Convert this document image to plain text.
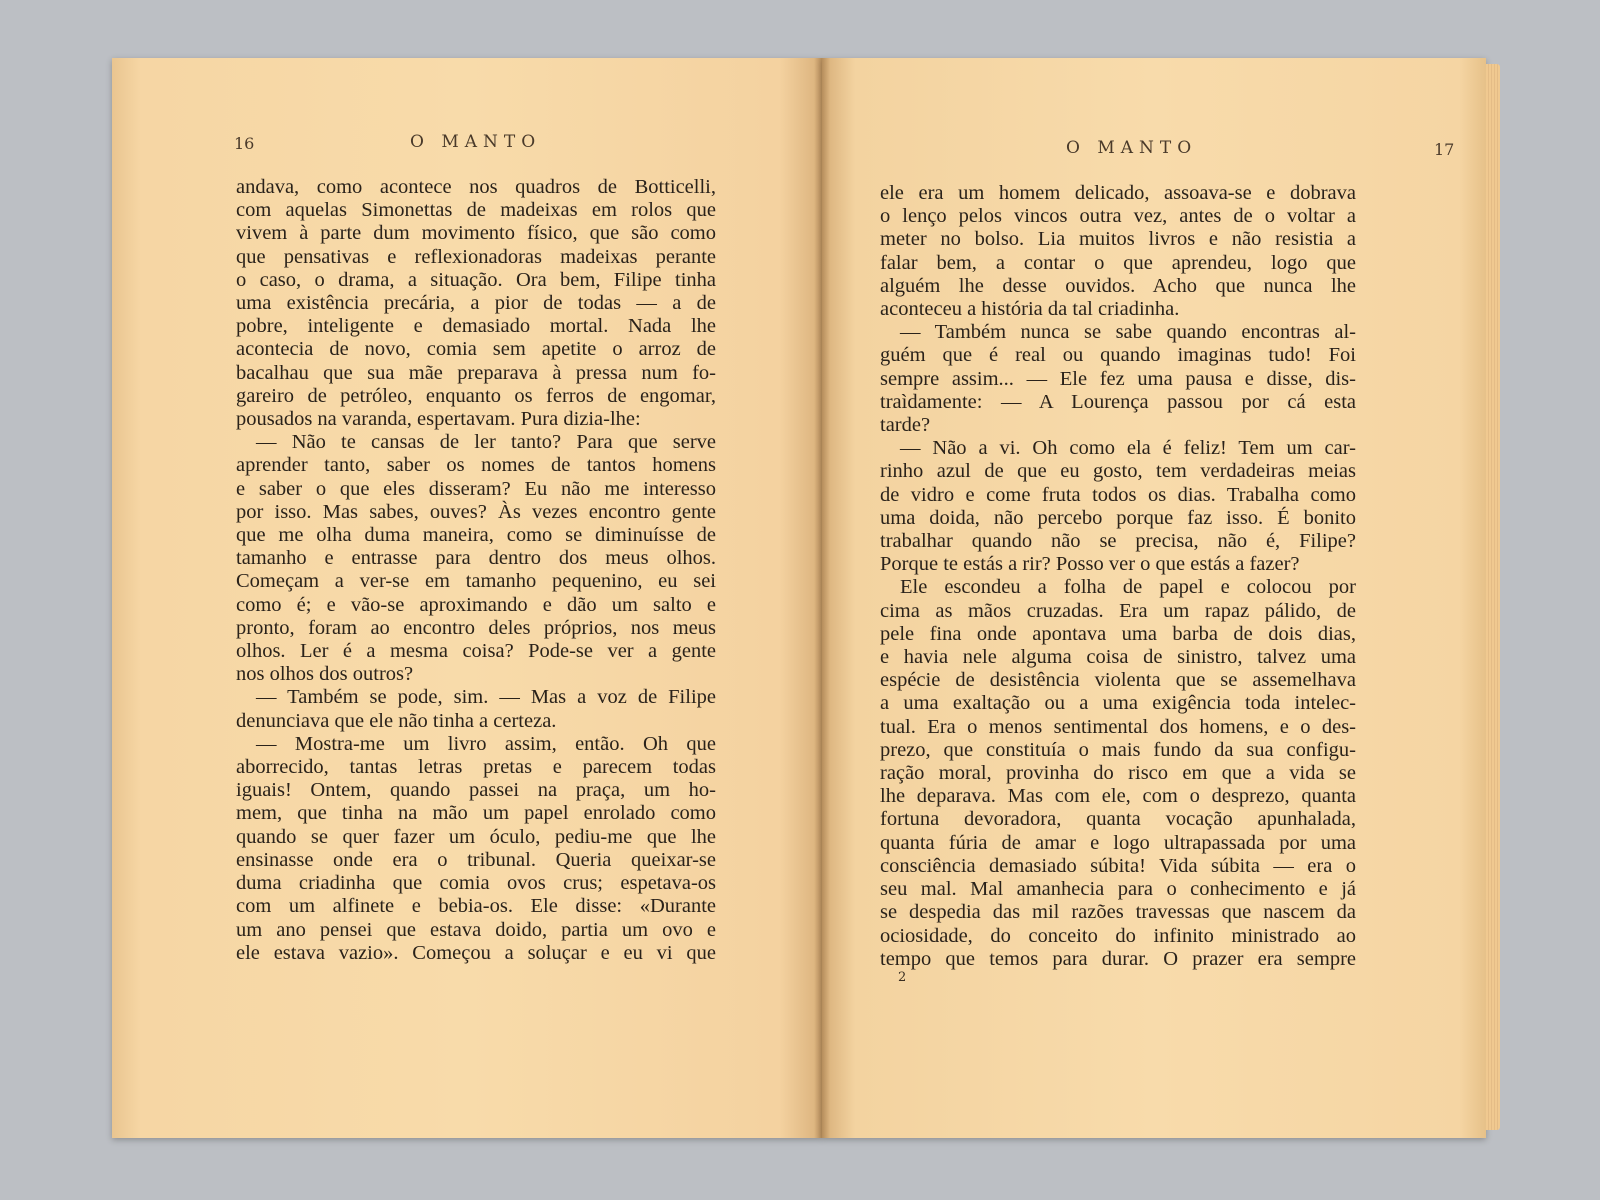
16	O MANTO
andava, como acontece nos quadros de Botticelli,
com aquelas Simonettas de madeixas em rolos que
vivem à parte dum movimento físico, que são como
que pensativas e reflexionadoras madeixas perante
o caso, o drama, a situação. Ora bem, Filipe tinha
uma existência precária, a pior de todas — a de
pobre, inteligente e demasiado mortal. Nada lhe
acontecia de novo, comia sem apetite o arroz de
bacalhau que sua mãe preparava à pressa num fo-
gareiro de petróleo, enquanto os ferros de engomar,
pousados na varanda, espertavam. Pura dizia-lhe:
— Não te cansas de ler tanto? Para que serve
aprender tanto, saber os nomes de tantos homens
e saber o que eles disseram? Eu não me interesso
por isso. Mas sabes, ouves? Às vezes encontro gente
que me olha duma maneira, como se diminuísse de
tamanho e entrasse para dentro dos meus olhos.
Começam a ver-se em tamanho pequenino, eu sei
como é; e vão-se aproximando e dão um salto e
pronto, foram ao encontro deles próprios, nos meus
olhos. Ler é a mesma coisa? Pode-se ver a gente
nos olhos dos outros?
— Também se pode, sim. — Mas a voz de Filipe
denunciava que ele não tinha a certeza.
— Mostra-me um livro assim, então. Oh que
aborrecido, tantas letras pretas e parecem todas
iguais! Ontem, quando passei na praça, um ho-
mem, que tinha na mão um papel enrolado como
quando se quer fazer um óculo, pediu-me que lhe
ensinasse onde era o tribunal. Queria queixar-se
duma criadinha que comia ovos crus; espetava-os
com um alfinete e bebia-os. Ele disse: «Durante
um ano pensei que estava doido, partia um ovo e
ele estava vazio». Começou a soluçar e eu vi que
O MANTO	17
ele era um homem delicado, assoava-se e dobrava
o lenço pelos vincos outra vez, antes de o voltar a
meter no bolso. Lia muitos livros e não resistia a
falar bem, a contar o que aprendeu, logo que
alguém lhe desse ouvidos. Acho que nunca lhe
aconteceu a história da tal criadinha.
— Também nunca se sabe quando encontras al-
guém que é real ou quando imaginas tudo! Foi
sempre assim... — Ele fez uma pausa e disse, dis-
traìdamente: — A Lourença passou por cá esta
tarde?
— Não a vi. Oh como ela é feliz! Tem um car-
rinho azul de que eu gosto, tem verdadeiras meias
de vidro e come fruta todos os dias. Trabalha como
uma doida, não percebo porque faz isso. É bonito
trabalhar quando não se precisa, não é, Filipe?
Porque te estás a rir? Posso ver o que estás a fazer?
Ele escondeu a folha de papel e colocou por
cima as mãos cruzadas. Era um rapaz pálido, de
pele fina onde apontava uma barba de dois dias,
e havia nele alguma coisa de sinistro, talvez uma
espécie de desistência violenta que se assemelhava
a uma exaltação ou a uma exigência toda intelec-
tual. Era o menos sentimental dos homens, e o des-
prezo, que constituía o mais fundo da sua configu-
ração moral, provinha do risco em que a vida se
lhe deparava. Mas com ele, com o desprezo, quanta
fortuna devoradora, quanta vocação apunhalada,
quanta fúria de amar e logo ultrapassada por uma
consciência demasiado súbita! Vida súbita — era o
seu mal. Mal amanhecia para o conhecimento e já
se despedia das mil razões travessas que nascem da
ociosidade, do conceito do infinito ministrado ao
tempo que temos para durar. O prazer era sempre
2
